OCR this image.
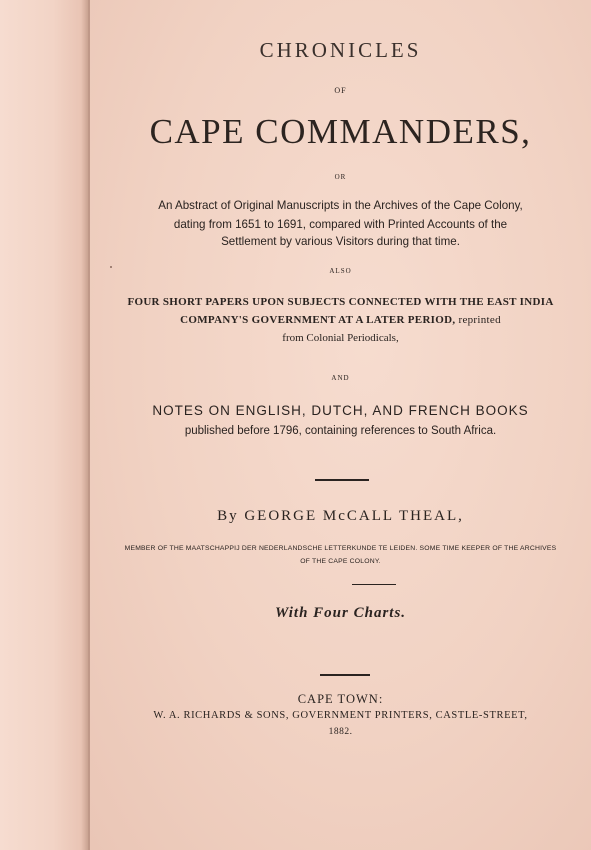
CHRONICLES
OF
CAPE COMMANDERS,
OR
An Abstract of Original Manuscripts in the Archives of the Cape Colony,
dating from 1651 to 1691, compared with Printed Accounts of the
Settlement by various Visitors during that time.
ALSO
FOUR SHORT PAPERS UPON SUBJECTS CONNECTED WITH THE EAST INDIA
COMPANY'S GOVERNMENT AT A LATER PERIOD, reprinted
from Colonial Periodicals,
AND
NOTES ON ENGLISH, DUTCH, AND FRENCH BOOKS
published before 1796, containing references to South Africa.
By GEORGE McCALL THEAL,
MEMBER OF THE MAATSCHAPPIJ DER NEDERLANDSCHE LETTERKUNDE TE LEIDEN. SOME TIME KEEPER OF THE ARCHIVES
OF THE CAPE COLONY.
With Four Charts.
CAPE TOWN:
W. A. RICHARDS & SONS, GOVERNMENT PRINTERS, CASTLE-STREET,
1882.
